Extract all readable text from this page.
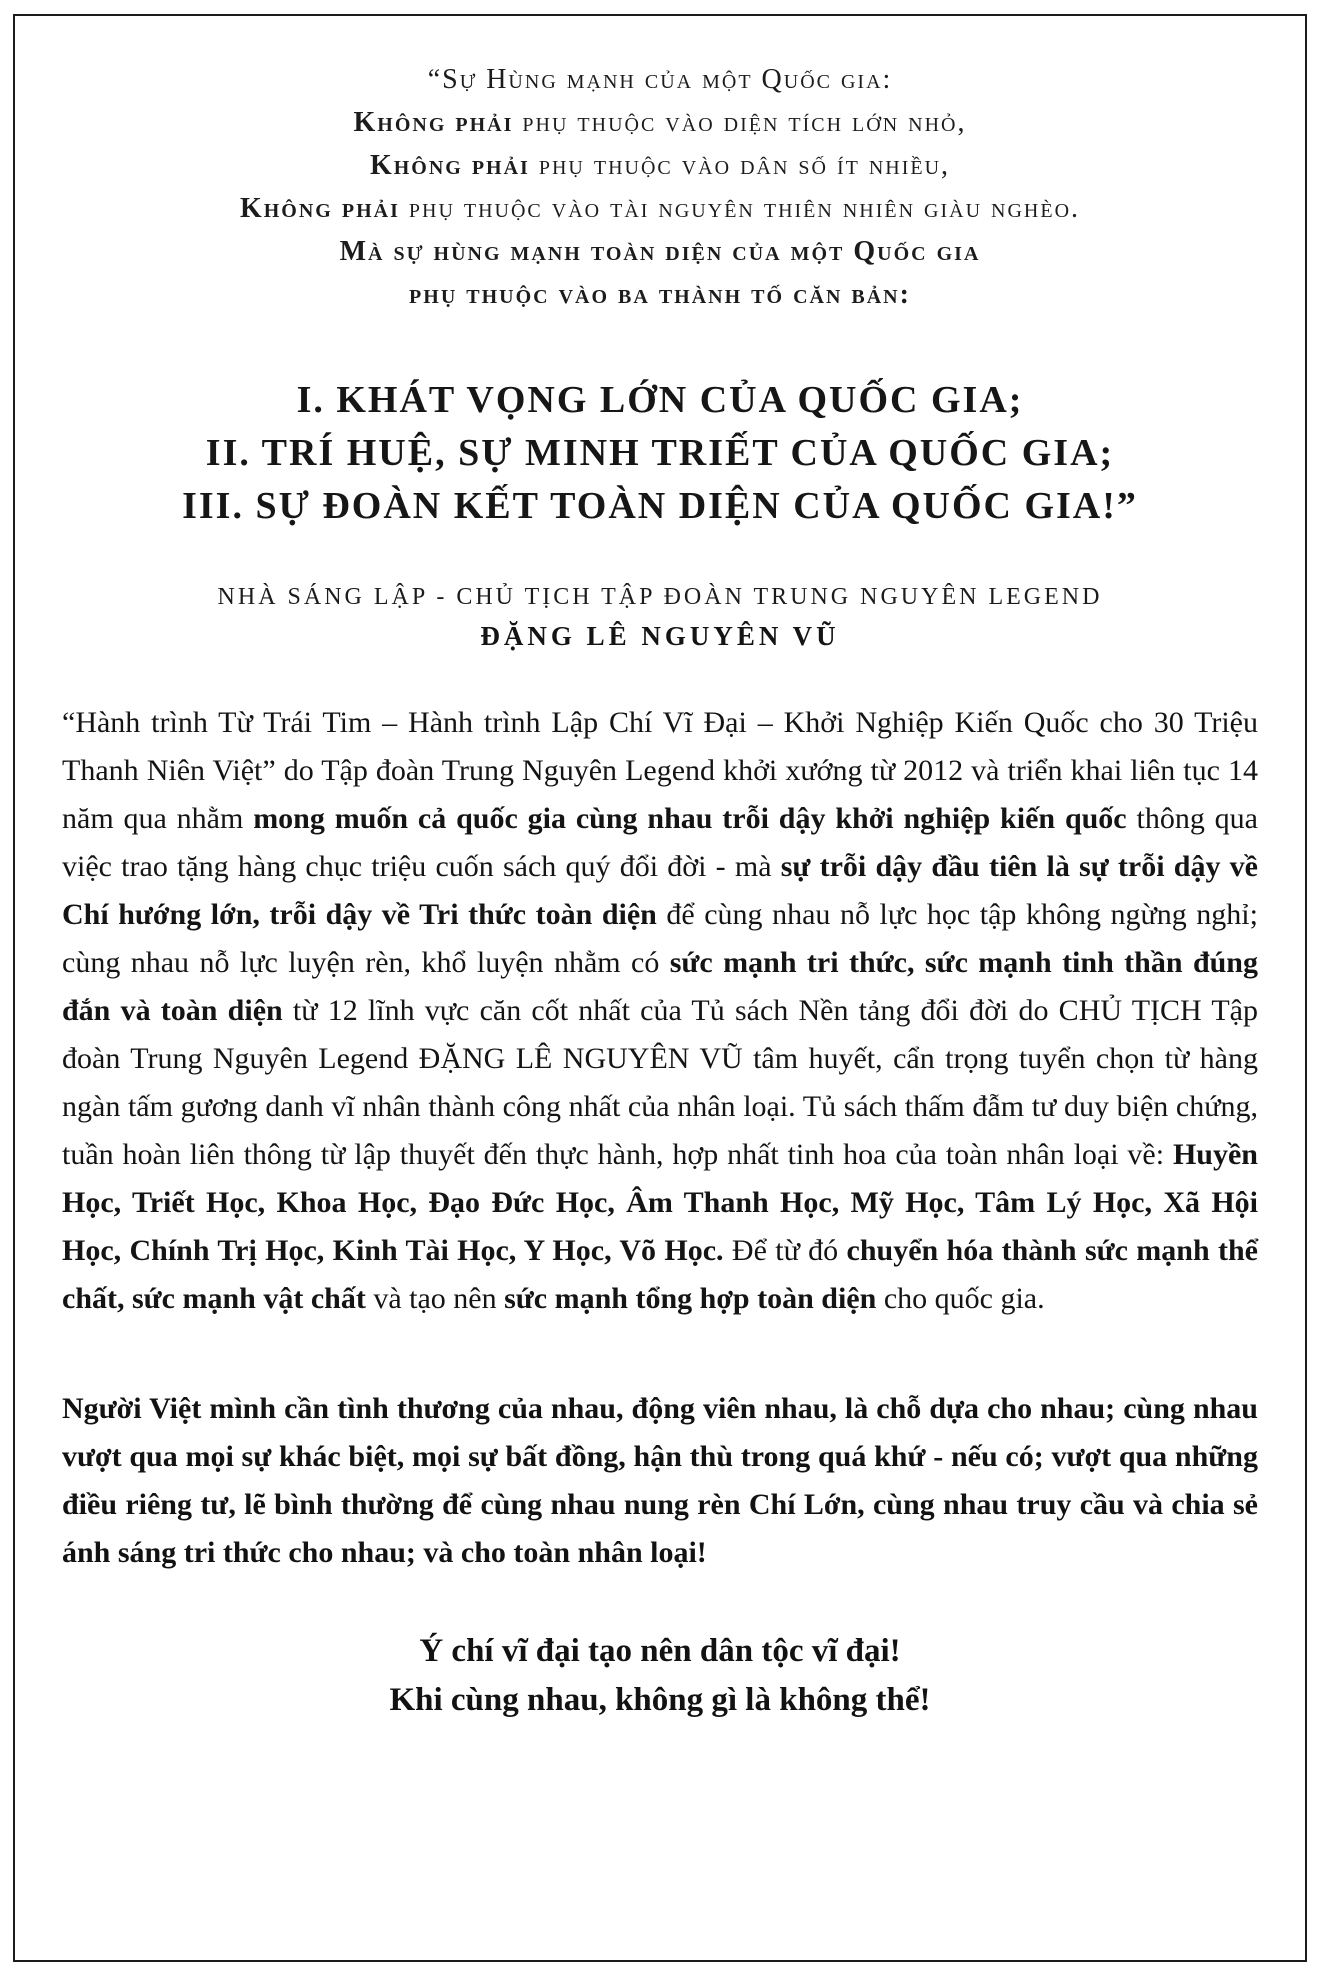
“Sự Hùng mạnh của một Quốc gia:
Không phải phụ thuộc vào diện tích lớn nhỏ,
Không phải phụ thuộc vào dân số ít nhiều,
Không phải phụ thuộc vào tài nguyên thiên nhiên giàu nghèo.
Mà sự hùng mạnh toàn diện của một Quốc gia
phụ thuộc vào ba thành tố căn bản:
I. KHÁT VỌNG LỚN CỦA QUỐC GIA;
II. TRÍ HUỆ, SỰ MINH TRIẾT CỦA QUỐC GIA;
III. SỰ ĐOÀN KẾT TOÀN DIỆN CỦA QUỐC GIA!”
NHÀ SÁNG LẬP - CHỦ TỊCH TẬP ĐOÀN TRUNG NGUYÊN LEGEND
ĐẶNG LÊ NGUYÊN VŨ

“Hành trình Từ Trái Tim – Hành trình Lập Chí Vĩ Đại – Khởi Nghiệp Kiến Quốc cho 30 Triệu Thanh Niên Việt” do Tập đoàn Trung Nguyên Legend khởi xướng từ 2012 và triển khai liên tục 14 năm qua nhằm mong muốn cả quốc gia cùng nhau trỗi dậy khởi nghiệp kiến quốc thông qua việc trao tặng hàng chục triệu cuốn sách quý đổi đời - mà sự trỗi dậy đầu tiên là sự trỗi dậy về Chí hướng lớn, trỗi dậy về Tri thức toàn diện để cùng nhau nỗ lực học tập không ngừng nghỉ; cùng nhau nỗ lực luyện rèn, khổ luyện nhằm có sức mạnh tri thức, sức mạnh tinh thần đúng đắn và toàn diện từ 12 lĩnh vực căn cốt nhất của Tủ sách Nền tảng đổi đời do CHỦ TỊCH Tập đoàn Trung Nguyên Legend ĐẶNG LÊ NGUYÊN VŨ tâm huyết, cẩn trọng tuyển chọn từ hàng ngàn tấm gương danh vĩ nhân thành công nhất của nhân loại. Tủ sách thấm đẫm tư duy biện chứng, tuần hoàn liên thông từ lập thuyết đến thực hành, hợp nhất tinh hoa của toàn nhân loại về: Huyền Học, Triết Học, Khoa Học, Đạo Đức Học, Âm Thanh Học, Mỹ Học, Tâm Lý Học, Xã Hội Học, Chính Trị Học, Kinh Tài Học, Y Học, Võ Học. Để từ đó chuyển hóa thành sức mạnh thể chất, sức mạnh vật chất và tạo nên sức mạnh tổng hợp toàn diện cho quốc gia.

Người Việt mình cần tình thương của nhau, động viên nhau, là chỗ dựa cho nhau; cùng nhau vượt qua mọi sự khác biệt, mọi sự bất đồng, hận thù trong quá khứ - nếu có; vượt qua những điều riêng tư, lẽ bình thường để cùng nhau nung rèn Chí Lớn, cùng nhau truy cầu và chia sẻ ánh sáng tri thức cho nhau; và cho toàn nhân loại!

Ý chí vĩ đại tạo nên dân tộc vĩ đại!
Khi cùng nhau, không gì là không thể!
